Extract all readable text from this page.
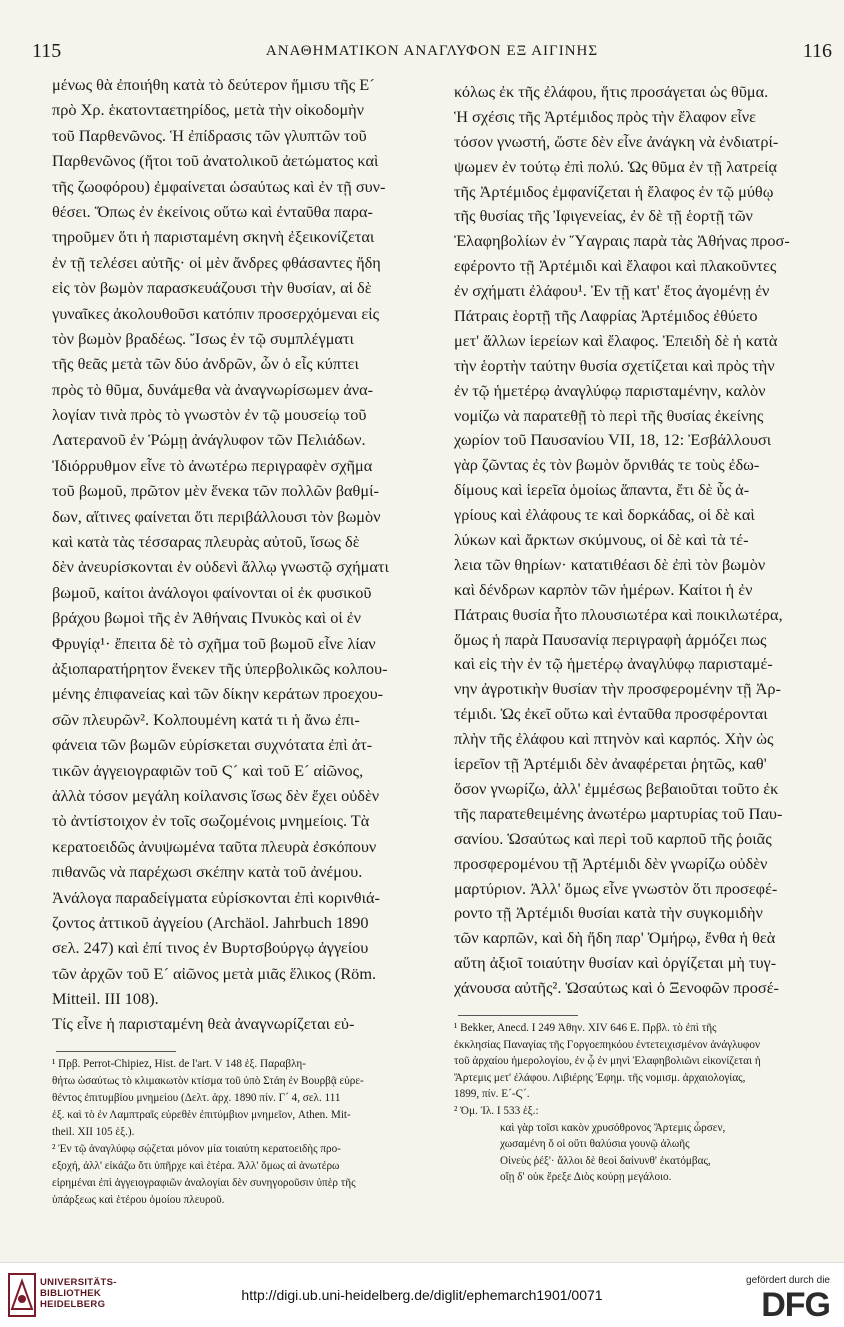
115	ΑΝΑΘΗΜΑΤΙΚΟΝ ΑΝΑΓΛΥΦΟΝ ΕΞ ΑΙΓΙΝΗΣ	116
μένως θὰ ἐποιήθη κατὰ τὸ δεύτερον ἥμισυ τῆς Ε´
πρὸ Χρ. ἑκατονταετηρίδος, μετὰ τὴν οἰκοδομὴν
τοῦ Παρθενῶνος. Ἡ ἐπίδρασις τῶν γλυπτῶν τοῦ
Παρθενῶνος (ἤτοι τοῦ ἀνατολικοῦ ἀετώματος καὶ
τῆς ζωοφόρου) ἐμφαίνεται ὡσαύτως καὶ ἐν τῇ συν-
θέσει. Ὅπως ἐν ἐκείνοις οὕτω καὶ ἐνταῦθα παρα-
τηροῦμεν ὅτι ἡ παρισταμένη σκηνὴ ἐξεικονίζεται
ἐν τῇ τελέσει αὐτῆς· οἱ μὲν ἄνδρες φθάσαντες ἤδη
εἰς τὸν βωμὸν παρασκευάζουσι τὴν θυσίαν, αἱ δὲ
γυναῖκες ἀκολουθοῦσι κατόπιν προσερχόμεναι εἰς
τὸν βωμὸν βραδέως. Ἴσως ἐν τῷ συμπλέγματι
τῆς θεᾶς μετὰ τῶν δύο ἀνδρῶν, ὧν ὁ εἷς κύπτει
πρὸς τὸ θῦμα, δυνάμεθα νὰ ἀναγνωρίσωμεν ἀνα-
λογίαν τινὰ πρὸς τὸ γνωστὸν ἐν τῷ μουσείῳ τοῦ
Λατερανοῦ ἐν Ῥώμῃ ἀνάγλυφον τῶν Πελιάδων.
Ἰδιόρρυθμον εἶνε τὸ ἀνωτέρω περιγραφὲν σχῆμα
τοῦ βωμοῦ, πρῶτον μὲν ἕνεκα τῶν πολλῶν βαθμί-
δων, αἵτινες φαίνεται ὅτι περιβάλλουσι τὸν βωμὸν
καὶ κατὰ τὰς τέσσαρας πλευρὰς αὐτοῦ, ἴσως δὲ
δὲν ἀνευρίσκονται ἐν οὐδενὶ ἄλλῳ γνωστῷ σχήματι
βωμοῦ, καίτοι ἀνάλογοι φαίνονται οἱ ἐκ φυσικοῦ
βράχου βωμοὶ τῆς ἐν Ἀθήναις Πνυκὸς καὶ οἱ ἐν
Φρυγίᾳ¹· ἔπειτα δὲ τὸ σχῆμα τοῦ βωμοῦ εἶνε λίαν
ἀξιοπαρατήρητον ἕνεκεν τῆς ὑπερβολικῶς κολπου-
μένης ἐπιφανείας καὶ τῶν δίκην κεράτων προεχου-
σῶν πλευρῶν². Κολπουμένη κατά τι ἡ ἄνω ἐπι-
φάνεια τῶν βωμῶν εὑρίσκεται συχνότατα ἐπὶ ἀτ-
τικῶν ἀγγειογραφιῶν τοῦ Ϛ´ καὶ τοῦ Ε´ αἰῶνος,
ἀλλὰ τόσον μεγάλη κοίλανσις ἴσως δὲν ἔχει οὐδὲν
τὸ ἀντίστοιχον ἐν τοῖς σωζομένοις μνημείοις. Τὰ
κερατοειδῶς ἀνυψωμένα ταῦτα πλευρὰ ἐσκόπουν
πιθανῶς νὰ παρέχωσι σκέπην κατὰ τοῦ ἀνέμου.
Ἀνάλογα παραδείγματα εὑρίσκονται ἐπὶ κορινθιά-
ζοντος ἀττικοῦ ἀγγείου (Archäol. Jahrbuch 1890
σελ. 247) καὶ ἐπί τινος ἐν Βυρτσβούργῳ ἀγγείου
τῶν ἀρχῶν τοῦ Ε´ αἰῶνος μετὰ μιᾶς ἕλικος (Röm.
Mitteil. III 108).
Τίς εἶνε ἡ παρισταμένη θεὰ ἀναγνωρίζεται εὐ-
¹ Πρβ. Perrot-Chipiez, Hist. de l'art. V 148 ἑξ. Παραβλη-
θήτω ὡσαύτως τὸ κλιμακωτὸν κτίσμα τοῦ ὑπὸ Στάη ἐν Βουρβᾷ εὑρε-
θέντος ἐπιτυμβίου μνημείου (Δελτ. ἀρχ. 1890 πίν. Γ´ 4, σελ. 111
ἑξ. καὶ τὸ ἐν Λαμπτραῖς εὑρεθὲν ἐπιτύμβιον μνημεῖον, Athen. Mit-
theil. XII 105 ἑξ.).
² Ἐν τῷ ἀναγλύφῳ σῴζεται μόνον μία τοιαύτη κερατοειδὴς προ-
εξοχή, ἀλλ' εἰκάζω ὅτι ὑπῆρχε καὶ ἑτέρα. Ἀλλ' ὅμως αἱ ἀνωτέρω
εἰρημέναι ἐπὶ ἀγγειογραφιῶν ἀναλογίαι δὲν συνηγοροῦσιν ὑπὲρ τῆς
ὑπάρξεως καὶ ἑτέρου ὁμοίου πλευροῦ.
κόλως ἐκ τῆς ἐλάφου, ἥτις προσάγεται ὡς θῦμα.
Ἡ σχέσις τῆς Ἀρτέμιδος πρὸς τὴν ἔλαφον εἶνε
τόσον γνωστή, ὥστε δὲν εἶνε ἀνάγκη νὰ ἐνδιατρί-
ψωμεν ἐν τούτῳ ἐπὶ πολύ. Ὡς θῦμα ἐν τῇ λατρείᾳ
τῆς Ἀρτέμιδος ἐμφανίζεται ἡ ἔλαφος ἐν τῷ μύθῳ
τῆς θυσίας τῆς Ἰφιγενείας, ἐν δὲ τῇ ἑορτῇ τῶν
Ἐλαφηβολίων ἐν Ὕαγραις παρὰ τὰς Ἀθήνας προσ-
εφέροντο τῇ Ἀρτέμιδι καὶ ἔλαφοι καὶ πλακοῦντες
ἐν σχήματι ἐλάφου¹. Ἐν τῇ κατ' ἔτος ἀγομένῃ ἐν
Πάτραις ἑορτῇ τῆς Λαφρίας Ἀρτέμιδος ἐθύετο
μετ' ἄλλων ἱερείων καὶ ἔλαφος. Ἐπειδὴ δὲ ἡ κατὰ
τὴν ἑορτὴν ταύτην θυσία σχετίζεται καὶ πρὸς τὴν
ἐν τῷ ἡμετέρῳ ἀναγλύφῳ παρισταμένην, καλὸν
νομίζω νὰ παρατεθῇ τὸ περὶ τῆς θυσίας ἐκείνης
χωρίον τοῦ Παυσανίου VII, 18, 12: Ἐσβάλλουσι
γὰρ ζῶντας ἐς τὸν βωμὸν ὄρνιθάς τε τοὺς ἐδω-
δίμους καὶ ἱερεῖα ὁμοίως ἅπαντα, ἔτι δὲ ὗς ἀ-
γρίους καὶ ἐλάφους τε καὶ δορκάδας, οἱ δὲ καὶ
λύκων καὶ ἄρκτων σκύμνους, οἱ δὲ καὶ τὰ τέ-
λεια τῶν θηρίων· κατατιθέασι δὲ ἐπὶ τὸν βωμὸν
καὶ δένδρων καρπὸν τῶν ἡμέρων. Καίτοι ἡ ἐν
Πάτραις θυσία ἦτο πλουσιωτέρα καὶ ποικιλωτέρα,
ὅμως ἡ παρὰ Παυσανίᾳ περιγραφὴ ἁρμόζει πως
καὶ εἰς τὴν ἐν τῷ ἡμετέρῳ ἀναγλύφῳ παρισταμέ-
νην ἀγροτικὴν θυσίαν τὴν προσφερομένην τῇ Ἀρ-
τέμιδι. Ὡς ἐκεῖ οὕτω καὶ ἐνταῦθα προσφέρονται
πλὴν τῆς ἐλάφου καὶ πτηνὸν καὶ καρπός. Χὴν ὡς
ἱερεῖον τῇ Ἀρτέμιδι δὲν ἀναφέρεται ῥητῶς, καθ'
ὅσον γνωρίζω, ἀλλ' ἐμμέσως βεβαιοῦται τοῦτο ἐκ
τῆς παρατεθειμένης ἀνωτέρω μαρτυρίας τοῦ Παυ-
σανίου. Ὡσαύτως καὶ περὶ τοῦ καρποῦ τῆς ῥοιᾶς
προσφερομένου τῇ Ἀρτέμιδι δὲν γνωρίζω οὐδὲν
μαρτύριον. Ἀλλ' ὅμως εἶνε γνωστὸν ὅτι προσεφέ-
ροντο τῇ Ἀρτέμιδι θυσίαι κατὰ τὴν συγκομιδὴν
τῶν καρπῶν, καὶ δὴ ἤδη παρ' Ὁμήρῳ, ἔνθα ἡ θεὰ
αὕτη ἀξιοῖ τοιαύτην θυσίαν καὶ ὀργίζεται μὴ τυγ-
χάνουσα αὐτῆς². Ὡσαύτως καὶ ὁ Ξενοφῶν προσέ-
¹ Bekker, Anecd. I 249 Ἀθην. XIV 646 Ε. Πρβλ. τὸ ἐπὶ τῆς
ἐκκλησίας Παναγίας τῆς Γοργοεπηκόου ἐντετειχισμένον ἀνάγλυφον
τοῦ ἀρχαίου ἡμερολογίου, ἐν ᾧ ἐν μηνὶ Ἐλαφηβολιῶνι εἰκονίζεται ἡ
Ἄρτεμις μετ' ἐλάφου. Λιβιέρης Ἐφημ. τῆς νομισμ. ἀρχαιολογίας,
1899, πίν. Ε´-Ϛ´.
² Ὁμ. Ἰλ. I 533 ἑξ.:
καὶ γὰρ τοῖσι κακὸν χρυσόθρονος Ἄρτεμις ὦρσεν,
χωσαμένη ὅ οἱ οὔτι θαλύσια γουνῷ ἀλωῆς
Οἰνεὺς ῥέξ'· ἄλλοι δὲ θεοὶ δαίνυνθ' ἑκατόμβας,
οἴῃ δ' οὐκ ἔρεξε Διὸς κούρῃ μεγάλοιο.
UNIVERSITÄTS-
BIBLIOTHEK
HEIDELBERG
http://digi.ub.uni-heidelberg.de/diglit/ephemarch1901/0071
gefördert durch die
DFG
